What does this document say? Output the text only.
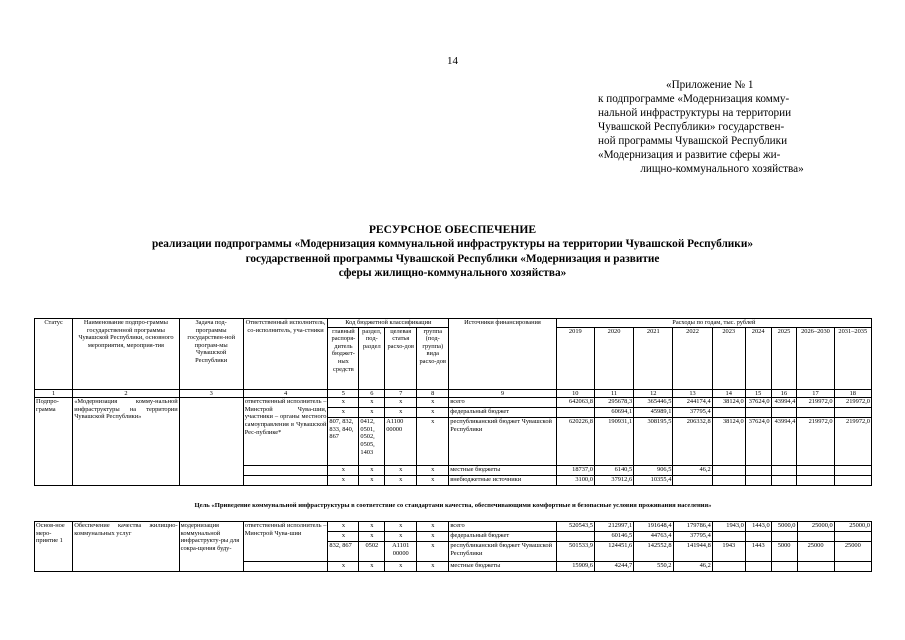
14
«Приложение № 1
к подпрограмме «Модернизация комму-
нальной инфраструктуры на территории
Чувашской Республики» государствен-
ной программы Чувашской Республики
«Модернизация и развитие сферы жи-
лищно-коммунального хозяйства»
РЕСУРСНОЕ ОБЕСПЕЧЕНИЕ
реализации подпрограммы «Модернизация коммунальной инфраструктуры на территории Чувашской Республики»
государственной программы Чувашской Республики «Модернизация и развитие
сферы жилищно-коммунального хозяйства»
Статус	Наименование подпро-граммы государственной программы Чувашской Республики, основного мероприятия, мероприя-тия	Задача под-программы государствен-ной програм-мы Чувашской Республики	Ответственный исполнитель, со-исполнитель, уча-стники	Код бюджетной классификации				Источники финансирования	Расходы по годам, тыс. рублей								
				главный распоря-дитель бюджет-ных средств	раздел, под-раздел	целевая статья расхо-дов	группа (под-группа) вида расхо-дов		2019	2020	2021	2022	2023	2024	2025	2026–2030	2031–2035
1	2	3	4	5	6	7	8	9	10	11	12	13	14	15	16	17	18
Подпро-грамма	«Модернизация комму-нальной инфраструктуры на территории Чувашской Республики»		ответственный исполнитель – Минстрой Чува-шии, участники – органы местного самоуправления в Чувашской Рес-публике*	x	x	x	x	всего	642063,8	295678,3	365446,5	244174,4	38124,0	37624,0	43994,4	219972,0	219972,0
				x	x	x	x	федеральный бюджет		60694,1	45989,1	37795,4					
				807, 832, 833, 840, 867	0412, 0501, 0502, 0505, 1403	А1100 00000	x	республиканский бюджет Чувашской Республики	620226,8	190931,1	308195,5	206332,8	38124,0	37624,0	43994,4	219972,0	219972,0
				x	x	x	x	местные бюджеты	18737,0	6140,5	906,5	46,2					
				x	x	x	x	внебюджетные источники	3100,0	37912,6	10355,4						
Цель «Приведение коммунальной инфраструктуры в соответствие со стандартами качества, обеспечивающими комфортные и безопасные условия проживания населения»
Основ-ное меро-приятие 1	Обеспечение качества жилищно-коммунальных услуг	модернизация коммунальной инфраструкту-ры для сокра-щения буду-	ответственный исполнитель – Минстрой Чува-шии	x	x	x	x	всего	520543,5	212997,1	191648,4	179786,4	1943,0	1443,0	5000,0	25000,0	25000,0
				x	x	x	x	федеральный бюджет		60146,5	44763,4	37795,4					
				832, 867	0502	А1101 00000	x	республиканский бюджет Чувашской Республики	501533,9	124451,6	142552,8	141944,8	1943	1443	5000	25000	25000
				x	x	x	x	местные бюджеты	15909,6	4244,7	550,2	46,2					
